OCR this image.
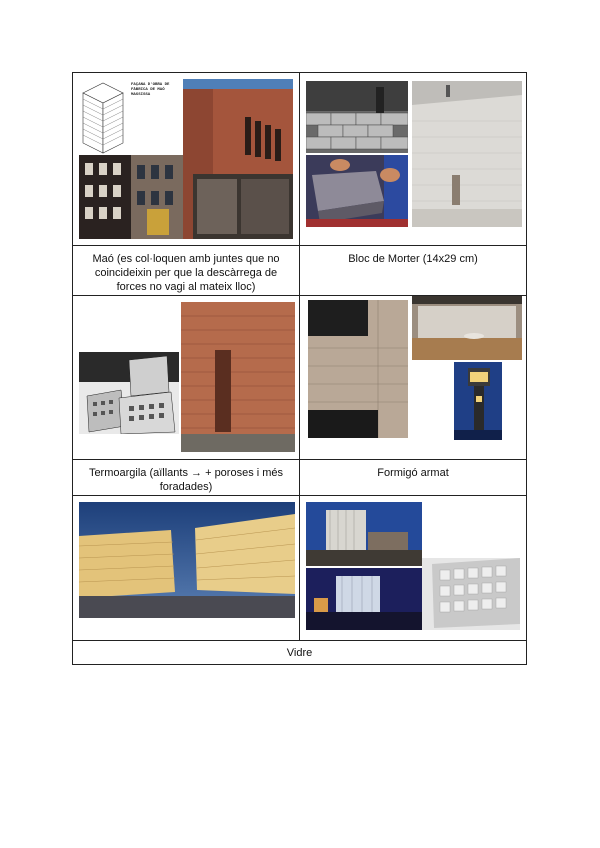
FAÇANA D'OBRA DE FÀBRICA DE MAÓ MASSISSA

Maó (es col·loquen amb juntes que no coincideixin per que la descàrrega de forces no vagi al mateix lloc)	Bloc de Morter (14x29 cm)

Termoargila (aïllants → + poroses i més foradades)	Formigó armat

Vidre	
